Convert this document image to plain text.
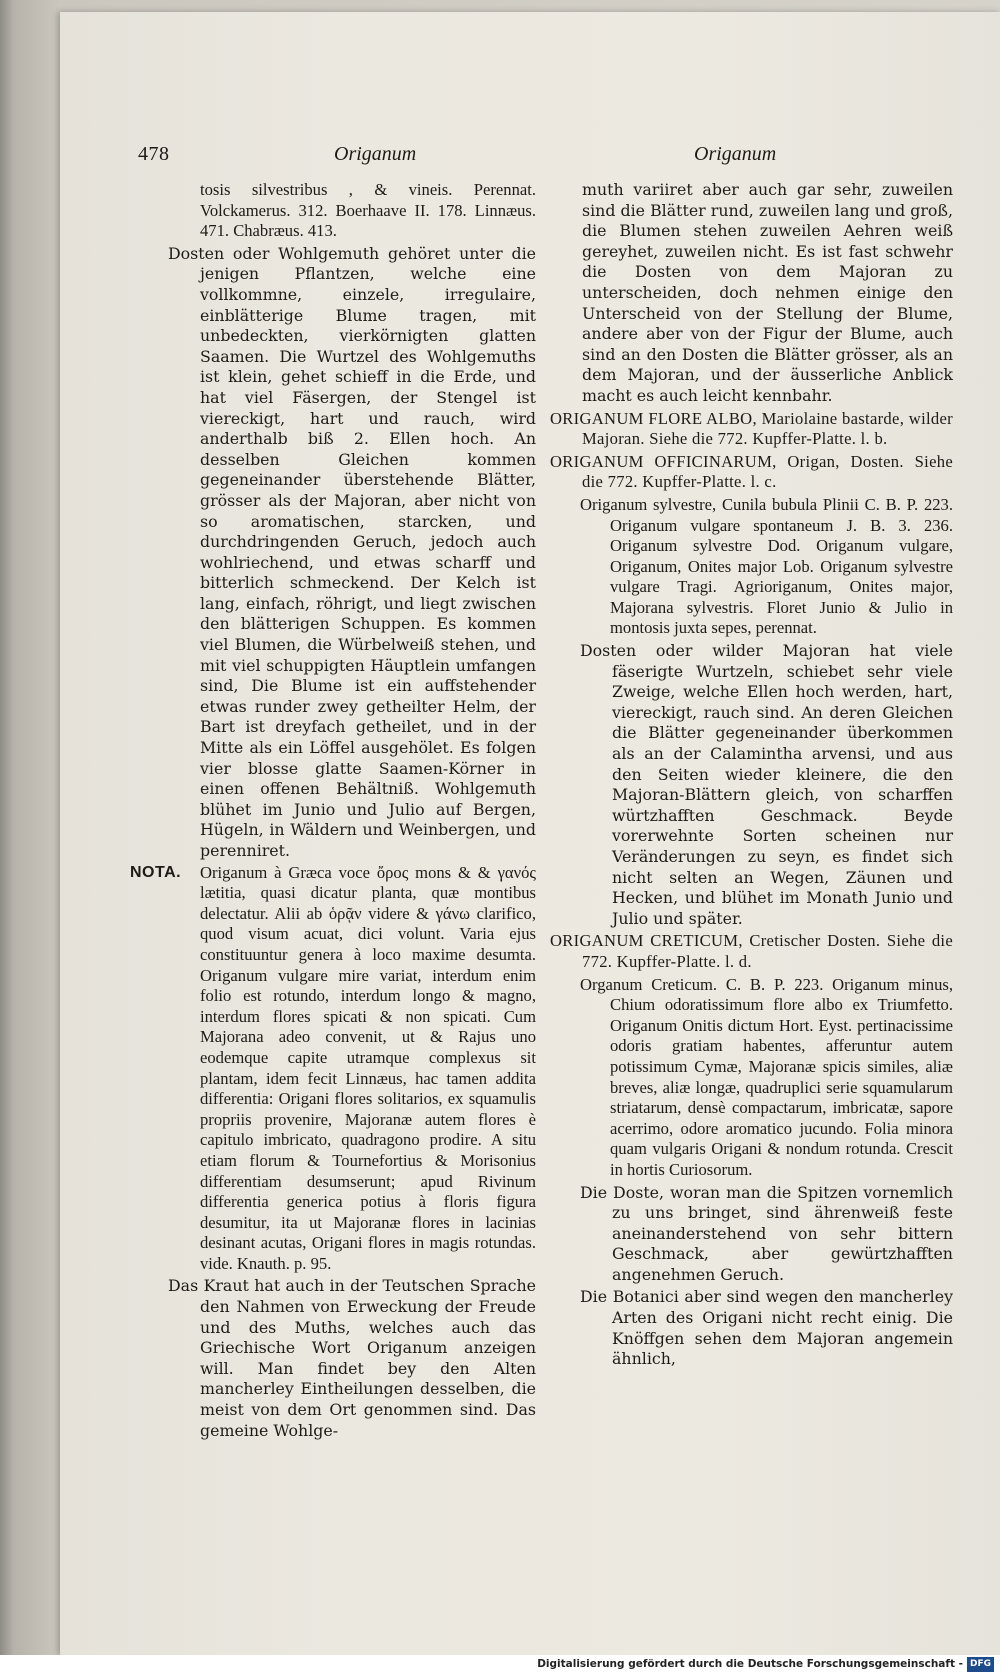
478	Origanum	Origanum

tosis silvestribus , & vineis. Perennat. Volckamerus. 312. Boerhaave II. 178. Linnæus. 471. Chabræus. 413.

Dosten oder Wohlgemuth gehöret unter die jenigen Pflantzen, welche eine vollkommne, einzele, irregulaire, einblätterige Blume tragen, mit unbedeckten, vierkörnigten glatten Saamen. Die Wurtzel des Wohlgemuths ist klein, gehet schieff in die Erde, und hat viel Fäsergen, der Stengel ist viereckigt, hart und rauch, wird anderthalb biß 2. Ellen hoch. An desselben Gleichen kommen gegeneinander überstehende Blätter, grösser als der Majoran, aber nicht von so aromatischen, starcken, und durchdringenden Geruch, jedoch auch wohlriechend, und etwas scharff und bitterlich schmeckend. Der Kelch ist lang, einfach, röhrigt, und liegt zwischen den blätterigen Schuppen. Es kommen viel Blumen, die Würbelweiß stehen, und mit viel schuppigten Häuptlein umfangen sind, Die Blume ist ein auffstehender etwas runder zwey getheilter Helm, der Bart ist dreyfach getheilet, und in der Mitte als ein Löffel ausgehölet. Es folgen vier blosse glatte Saamen-Körner in einen offenen Behältniß. Wohlgemuth blühet im Junio und Julio auf Bergen, Hügeln, in Wäldern und Weinbergen, und perenniret.

NOTA. Origanum à Græca voce ὄρος mons & & γανός lætitia, quasi dicatur planta, quæ montibus delectatur. Alii ab ὁρᾷν videre & γάνω clarifico, quod visum acuat, dici volunt. Varia ejus constituuntur genera à loco maxime desumta. Origanum vulgare mire variat, interdum enim folio est rotundo, interdum longo & magno, interdum flores spicati & non spicati. Cum Majorana adeo convenit, ut & Rajus uno eodemque capite utramque complexus sit plantam, idem fecit Linnæus, hac tamen addita differentia: Origani flores solitarios, ex squamulis propriis provenire, Majoranæ autem flores è capitulo imbricato, quadragono prodire. A situ etiam florum & Tournefortius & Morisonius differentiam desumserunt; apud Rivinum differentia generica potius à floris figura desumitur, ita ut Majoranæ flores in lacinias desinant acutas, Origani flores in magis rotundas. vide. Knauth. p. 95.

Das Kraut hat auch in der Teutschen Sprache den Nahmen von Erweckung der Freude und des Muths, welches auch das Griechische Wort Origanum anzeigen will. Man findet bey den Alten mancherley Eintheilungen desselben, die meist von dem Ort genommen sind. Das gemeine Wohlge-

muth variiret aber auch gar sehr, zuweilen sind die Blätter rund, zuweilen lang und groß, die Blumen stehen zuweilen Aehren weiß gereyhet, zuweilen nicht. Es ist fast schwehr die Dosten von dem Majoran zu unterscheiden, doch nehmen einige den Unterscheid von der Stellung der Blume, andere aber von der Figur der Blume, auch sind an den Dosten die Blätter grösser, als an dem Majoran, und der äusserliche Anblick macht es auch leicht kennbahr.

ORIGANUM FLORE ALBO, Mariolaine bastarde, wilder Majoran. Siehe die 772. Kupffer-Platte. l. b.

ORIGANUM OFFICINARUM, Origan, Dosten. Siehe die 772. Kupffer-Platte. l. c.

Origanum sylvestre, Cunila bubula Plinii C. B. P. 223. Origanum vulgare spontaneum J. B. 3. 236. Origanum sylvestre Dod. Origanum vulgare, Origanum, Onites major Lob. Origanum sylvestre vulgare Tragi. Agrioriganum, Onites major, Majorana sylvestris. Floret Junio & Julio in montosis juxta sepes, perennat.

Dosten oder wilder Majoran hat viele fäserigte Wurtzeln, schiebet sehr viele Zweige, welche Ellen hoch werden, hart, viereckigt, rauch sind. An deren Gleichen die Blätter gegeneinander überkommen als an der Calamintha arvensi, und aus den Seiten wieder kleinere, die den Majoran-Blättern gleich, von scharffen würtzhafften Geschmack. Beyde vorerwehnte Sorten scheinen nur Veränderungen zu seyn, es findet sich nicht selten an Wegen, Zäunen und Hecken, und blühet im Monath Junio und Julio und später.

ORIGANUM CRETICUM, Cretischer Dosten. Siehe die 772. Kupffer-Platte. l. d.

Organum Creticum. C. B. P. 223. Origanum minus, Chium odoratissimum flore albo ex Triumfetto. Origanum Onitis dictum Hort. Eyst. pertinacissime odoris gratiam habentes, afferuntur autem potissimum Cymæ, Majoranæ spicis similes, aliæ breves, aliæ longæ, quadruplici serie squamularum striatarum, densè compactarum, imbricatæ, sapore acerrimo, odore aromatico jucundo. Folia minora quam vulgaris Origani & nondum rotunda. Crescit in hortis Curiosorum.

Die Doste, woran man die Spitzen vornemlich zu uns bringet, sind ährenweiß feste aneinanderstehend von sehr bittern Geschmack, aber gewürtzhafften angenehmen Geruch.

Die Botanici aber sind wegen den mancherley Arten des Origani nicht recht einig. Die Knöffgen sehen dem Majoran angemein ähnlich,

Digitalisierung gefördert durch die Deutsche Forschungsgemeinschaft - DFG
